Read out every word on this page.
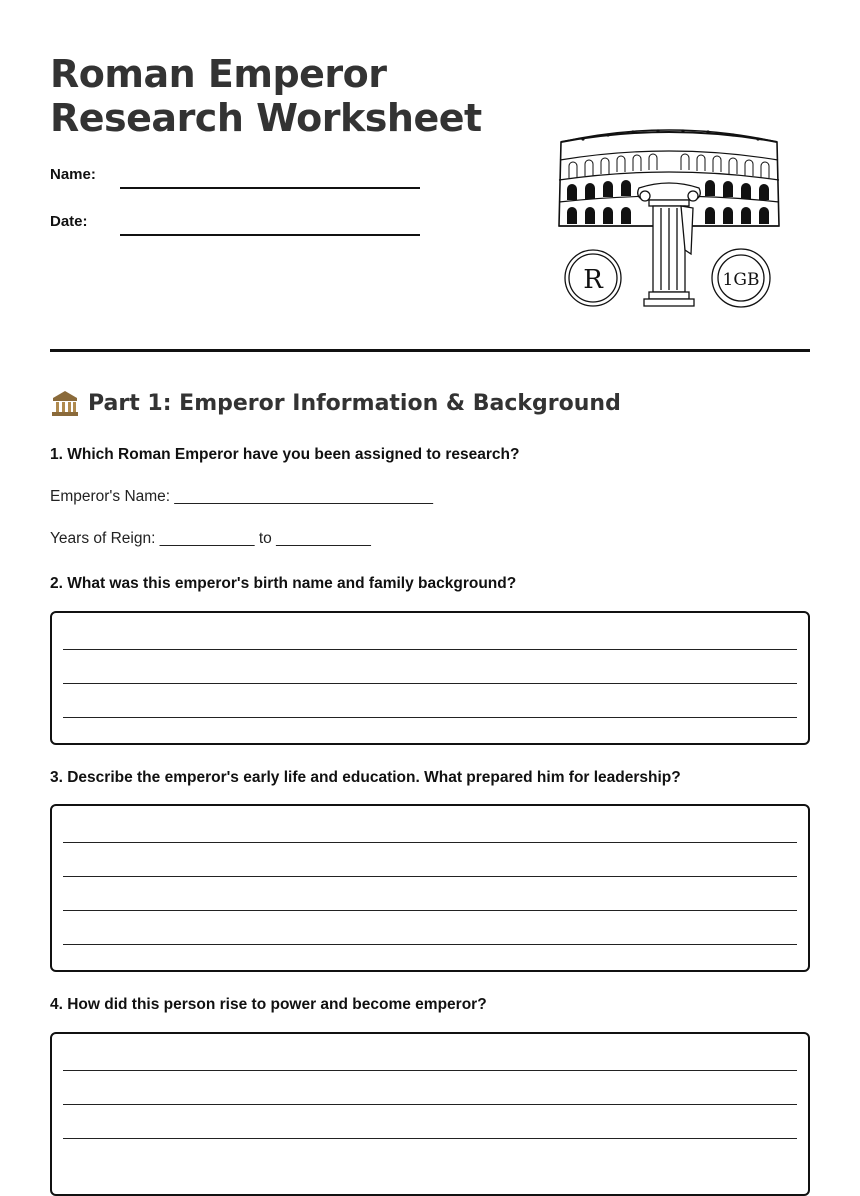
Roman Emperor
Research Worksheet
Name:
Date:
R	1GB
Part 1: Emperor Information & Background

1. Which Roman Emperor have you been assigned to research?

Emperor's Name: ______________________________
Years of Reign: ___________ to ___________

2. What was this emperor's birth name and family background?

3. Describe the emperor's early life and education. What prepared him for leadership?

4. How did this person rise to power and become emperor?
